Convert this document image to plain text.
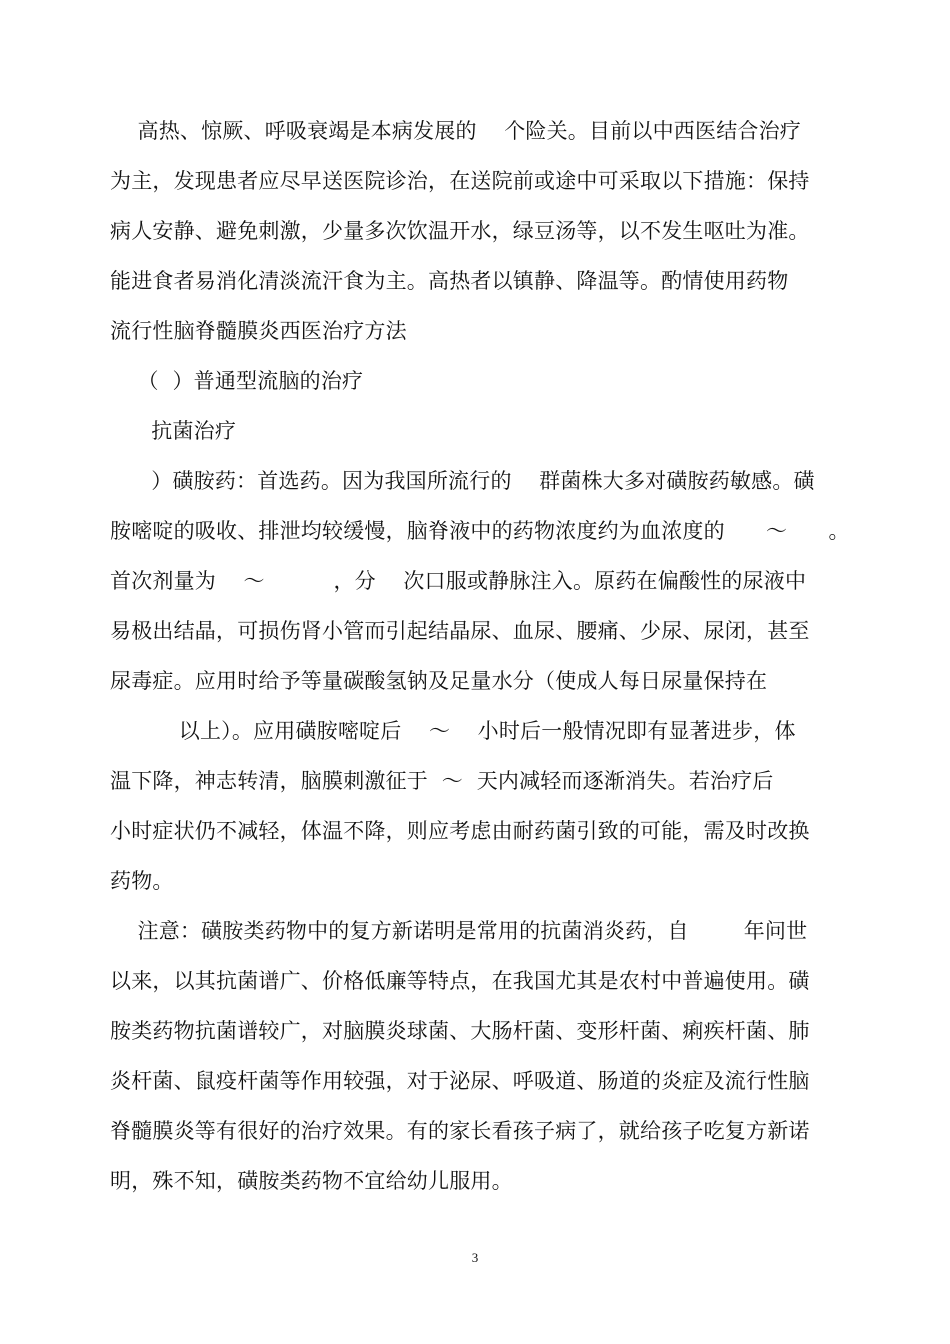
高热、惊厥、呼吸衰竭是本病发展的    个险关。目前以中西医结合治疗
为主，发现患者应尽早送医院诊治，在送院前或途中可采取以下措施：保持
病人安静、避免刺激，少量多次饮温开水，绿豆汤等，以不发生呕吐为准。
能进食者易消化清淡流汗食为主。高热者以镇静、降温等。酌情使用药物
流行性脑脊髓膜炎西医治疗方法
（  ）普通型流脑的治疗
抗菌治疗
）磺胺药：首选药。因为我国所流行的    群菌株大多对磺胺药敏感。磺
胺嘧啶的吸收、排泄均较缓慢，脑脊液中的药物浓度约为血浓度的      ～      。
首次剂量为    ～          ，分    次口服或静脉注入。原药在偏酸性的尿液中
易极出结晶，可损伤肾小管而引起结晶尿、血尿、腰痛、少尿、尿闭，甚至
尿毒症。应用时给予等量碳酸氢钠及足量水分（使成人每日尿量保持在
以上）。应用磺胺嘧啶后    ～    小时后一般情况即有显著进步，体
温下降，神志转清，脑膜刺激征于  ～  天内减轻而逐渐消失。若治疗后
小时症状仍不减轻，体温不降，则应考虑由耐药菌引致的可能，需及时改换
药物。
注意：磺胺类药物中的复方新诺明是常用的抗菌消炎药，自        年问世
以来，以其抗菌谱广、价格低廉等特点，在我国尤其是农村中普遍使用。磺
胺类药物抗菌谱较广，对脑膜炎球菌、大肠杆菌、变形杆菌、痢疾杆菌、肺
炎杆菌、鼠疫杆菌等作用较强，对于泌尿、呼吸道、肠道的炎症及流行性脑
脊髓膜炎等有很好的治疗效果。有的家长看孩子病了，就给孩子吃复方新诺
明，殊不知，磺胺类药物不宜给幼儿服用。
3
